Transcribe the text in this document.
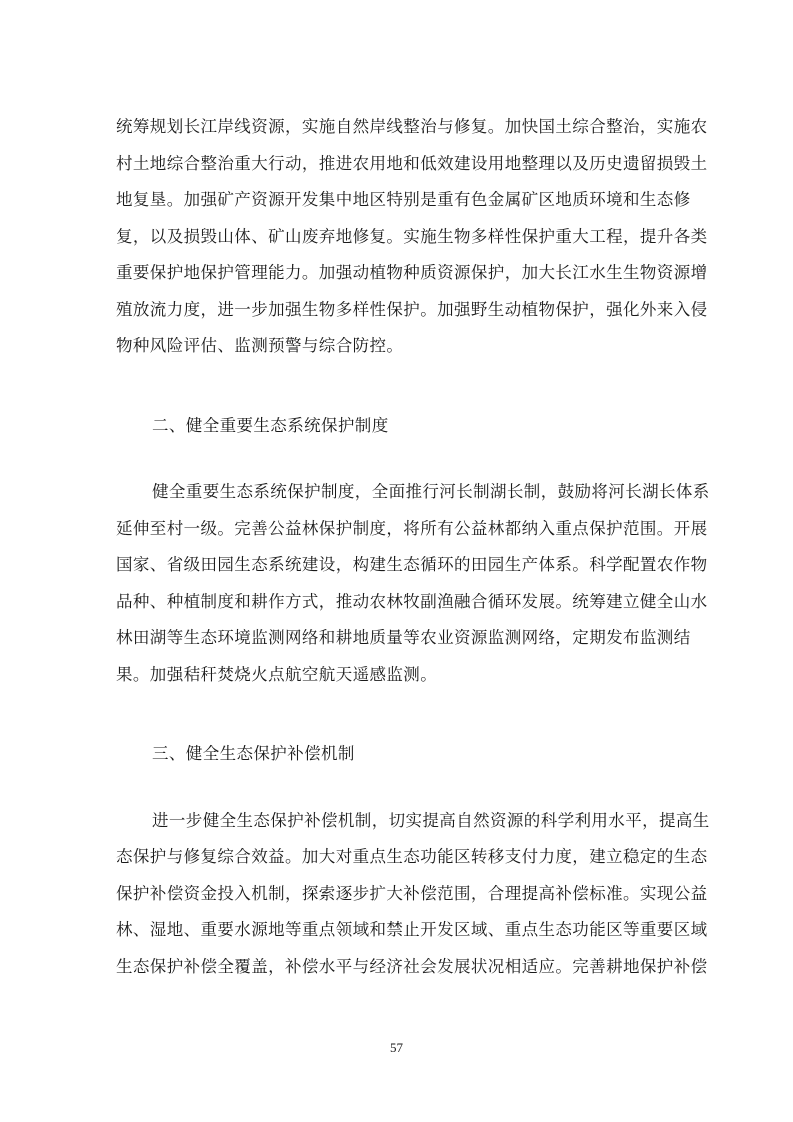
统筹规划长江岸线资源，实施自然岸线整治与修复。加快国土综合整治，实施农
村土地综合整治重大行动，推进农用地和低效建设用地整理以及历史遗留损毁土
地复垦。加强矿产资源开发集中地区特别是重有色金属矿区地质环境和生态修
复，以及损毁山体、矿山废弃地修复。实施生物多样性保护重大工程，提升各类
重要保护地保护管理能力。加强动植物种质资源保护，加大长江水生生物资源增
殖放流力度，进一步加强生物多样性保护。加强野生动植物保护，强化外来入侵
物种风险评估、监测预警与综合防控。
二、健全重要生态系统保护制度
健全重要生态系统保护制度，全面推行河长制湖长制，鼓励将河长湖长体系
延伸至村一级。完善公益林保护制度，将所有公益林都纳入重点保护范围。开展
国家、省级田园生态系统建设，构建生态循环的田园生产体系。科学配置农作物
品种、种植制度和耕作方式，推动农林牧副渔融合循环发展。统筹建立健全山水
林田湖等生态环境监测网络和耕地质量等农业资源监测网络，定期发布监测结
果。加强秸秆焚烧火点航空航天遥感监测。
三、健全生态保护补偿机制
进一步健全生态保护补偿机制，切实提高自然资源的科学利用水平，提高生
态保护与修复综合效益。加大对重点生态功能区转移支付力度，建立稳定的生态
保护补偿资金投入机制，探索逐步扩大补偿范围，合理提高补偿标准。实现公益
林、湿地、重要水源地等重点领域和禁止开发区域、重点生态功能区等重要区域
生态保护补偿全覆盖，补偿水平与经济社会发展状况相适应。完善耕地保护补偿
57
